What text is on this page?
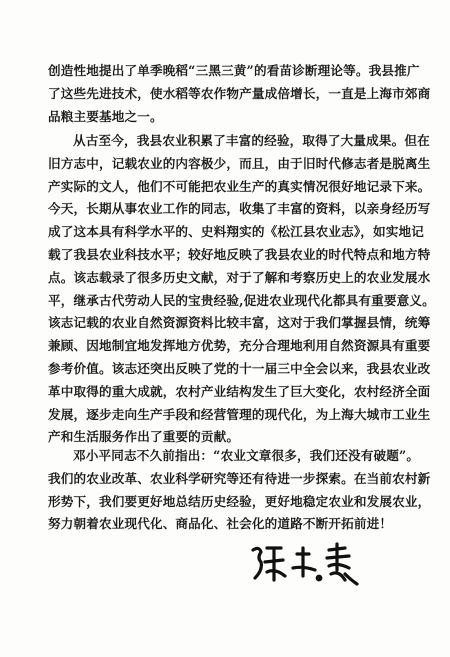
创造性地提出了单季晚稻“三黑三黄”的看苗诊断理论等。我县推广
了这些先进技术，使水稻等农作物产量成倍增长，一直是上海市郊商
品粮主要基地之一。
从古至今，我县农业积累了丰富的经验，取得了大量成果。但在
旧方志中，记载农业的内容极少，而且，由于旧时代修志者是脱离生
产实际的文人，他们不可能把农业生产的真实情况很好地记录下来。
今天，长期从事农业工作的同志，收集了丰富的资料，以亲身经历写
成了这本具有科学水平的、史料翔实的《松江县农业志》，如实地记
载了我县农业科技水平；较好地反映了我县农业的时代特点和地方特
点。该志载录了很多历史文献，对于了解和考察历史上的农业发展水
平，继承古代劳动人民的宝贵经验,促进农业现代化都具有重要意义。
该志记载的农业自然资源资料比较丰富，这对于我们掌握县情，统筹
兼顾、因地制宜地发挥地方优势，充分合理地利用自然资源具有重要
参考价值。该志还突出反映了党的十一届三中全会以来，我县农业改
革中取得的重大成就，农村产业结构发生了巨大变化，农村经济全面
发展，逐步走向生产手段和经营管理的现代化，为上海大城市工业生
产和生活服务作出了重要的贡献。
邓小平同志不久前指出：“农业文章很多，我们还没有破题”。
我们的农业改革、农业科学研究等还有待进一步探索。在当前农村新
形势下，我们要更好地总结历史经验，更好地稳定农业和发展农业，
努力朝着农业现代化、商品化、社会化的道路不断开拓前进！
